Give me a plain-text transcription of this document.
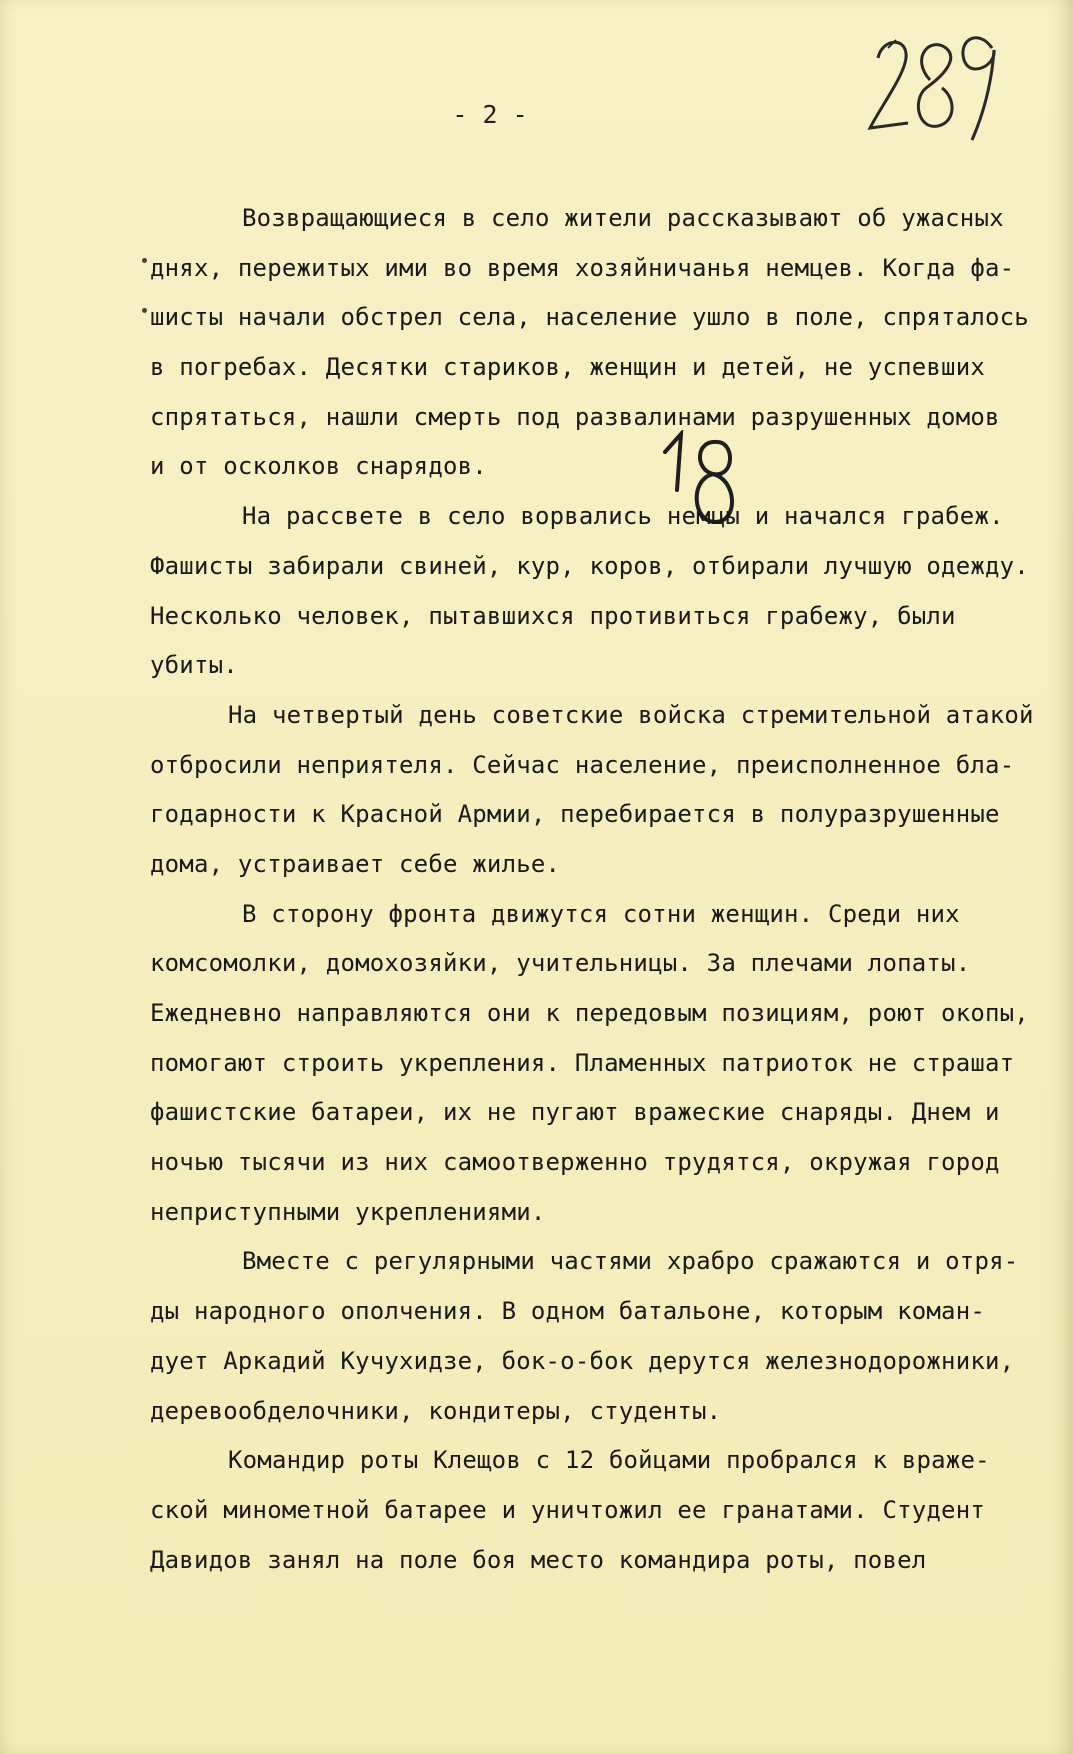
- 2 -
Возвращающиеся в село жители рассказывают об ужасных
днях, пережитых ими во время хозяйничанья немцев. Когда фа-
шисты начали обстрел села, население ушло в поле, спряталось
в погребах. Десятки стариков, женщин и детей, не успевших
спрятаться, нашли смерть под развалинами разрушенных домов
и от осколков снарядов.
На рассвете в село ворвались немцы и начался грабеж.
Фашисты забирали свиней, кур, коров, отбирали лучшую одежду.
Несколько человек, пытавшихся противиться грабежу, были
убиты.
На четвертый день советские войска стремительной атакой
отбросили неприятеля. Сейчас население, преисполненное бла-
годарности к Красной Армии, перебирается в полуразрушенные
дома, устраивает себе жилье.
В сторону фронта движутся сотни женщин. Среди них
комсомолки, домохозяйки, учительницы. За плечами лопаты.
Ежедневно направляются они к передовым позициям, роют окопы,
помогают строить укрепления. Пламенных патриоток не страшат
фашистские батареи, их не пугают вражеские снаряды. Днем и
ночью тысячи из них самоотверженно трудятся, окружая город
неприступными укреплениями.
Вместе с регулярными частями храбро сражаются и отря-
ды народного ополчения. В одном батальоне, которым коман-
дует Аркадий Кучухидзе, бок-о-бок дерутся железнодорожники,
деревообделочники, кондитеры, студенты.
Командир роты Клещов с 12 бойцами пробрался к враже-
ской минометной батарее и уничтожил ее гранатами. Студент
Давидов занял на поле боя место командира роты, повел
